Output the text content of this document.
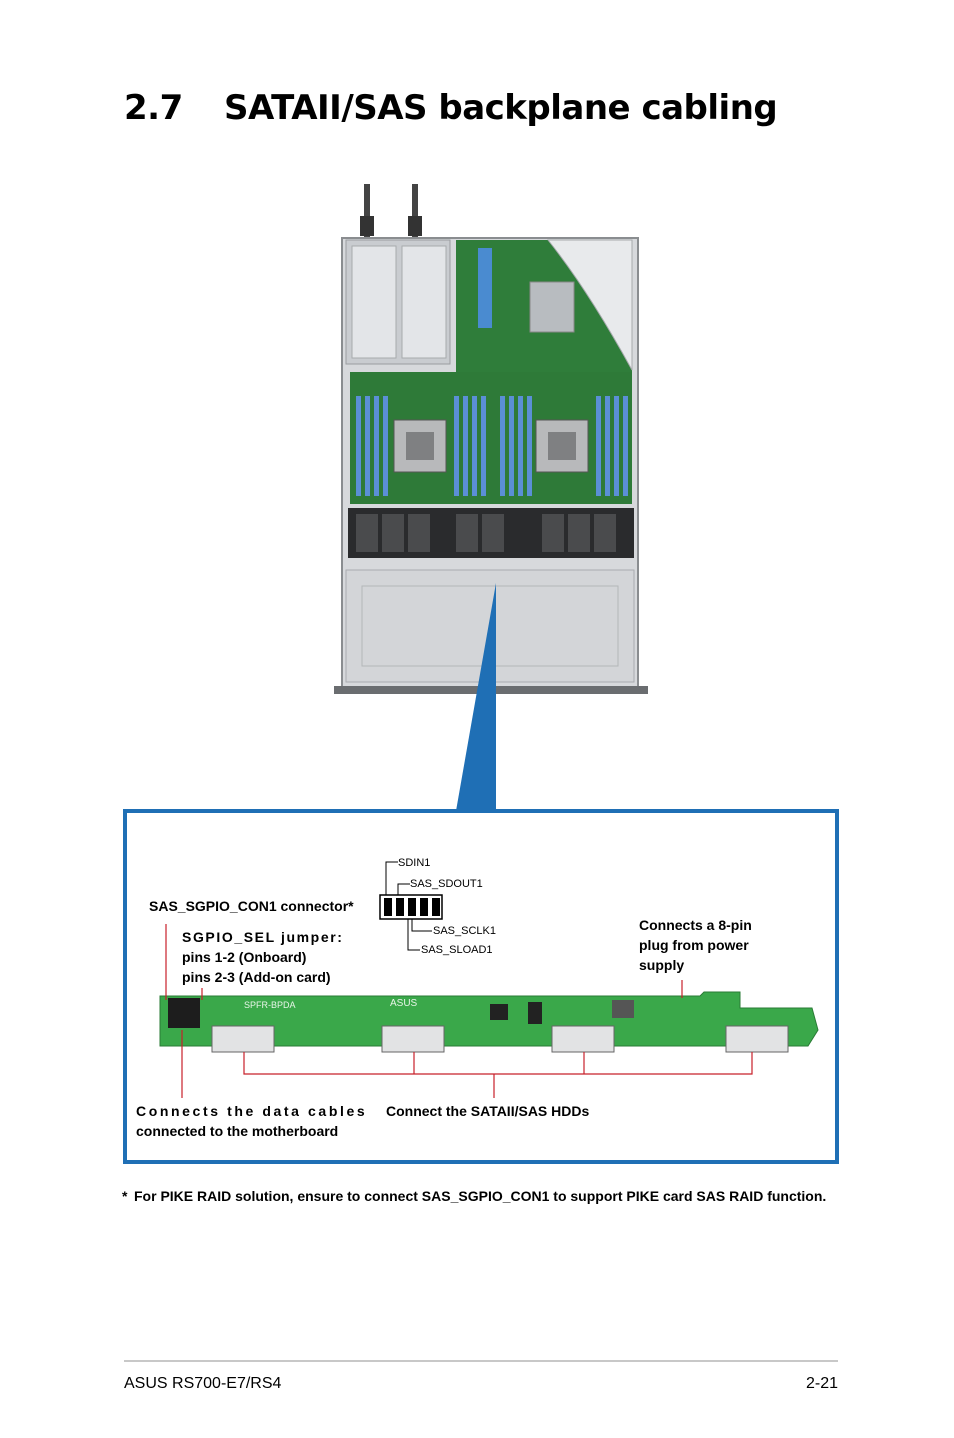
2.7 SATAII/SAS backplane cabling
ASUS
SPFR-BPDA
SDIN1
SAS_SDOUT1
SAS_SCLK1
SAS_SLOAD1
SAS_SGPIO_CON1 connector*
SGPIO_SEL jumper:
pins 1-2 (Onboard)
pins 2-3 (Add-on card)
Connects a 8-pin
plug from power
supply
Connects the data cables
connected to the motherboard
Connect the SATAII/SAS HDDs
* For PIKE RAID solution, ensure to connect SAS_SGPIO_CON1 to support PIKE card SAS RAID function.
ASUS RS700-E7/RS4	2-21
